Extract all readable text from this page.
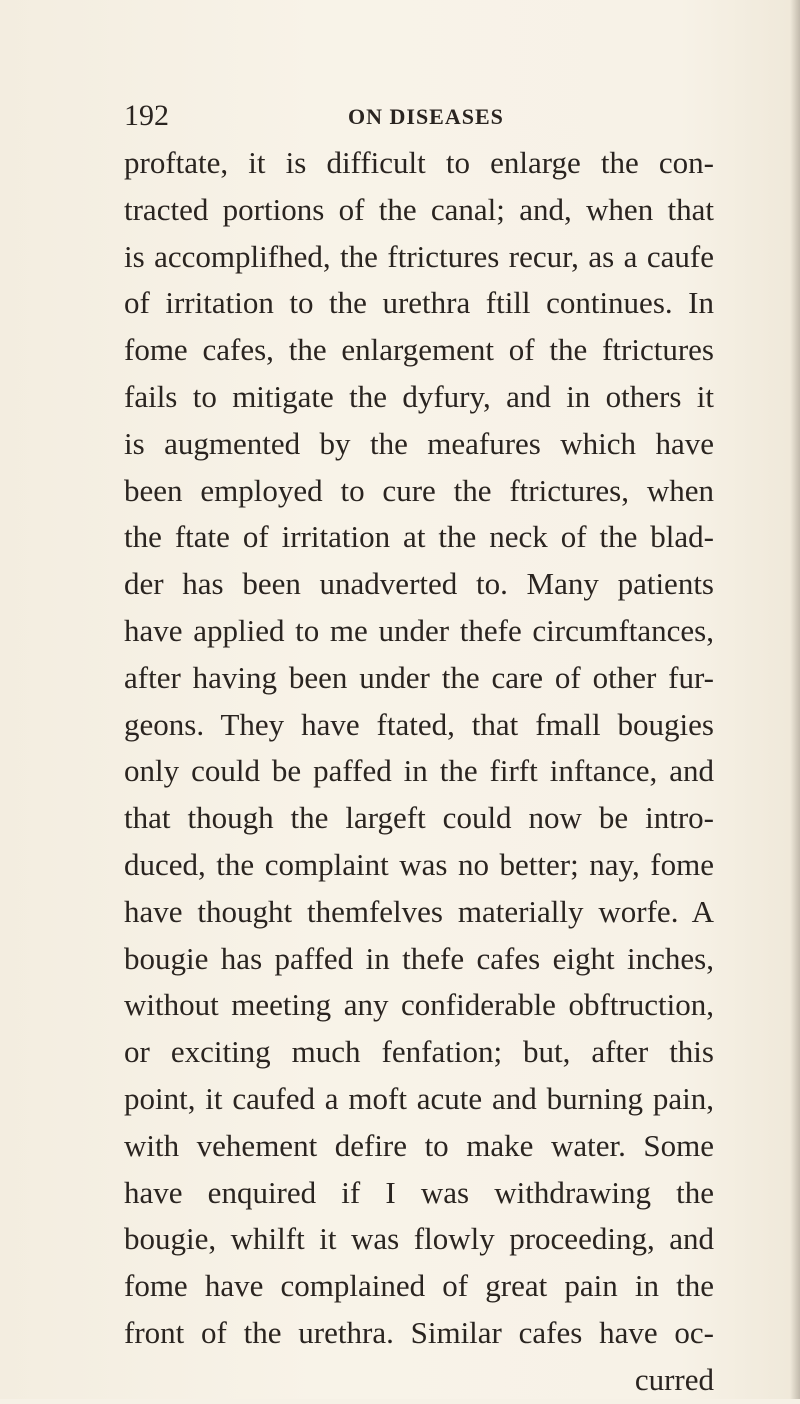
192	ON DISEASES
proftate, it is difficult to enlarge the con-
tracted portions of the canal; and, when that
is accomplifhed, the ftrictures recur, as a caufe
of irritation to the urethra ftill continues. In
fome cafes, the enlargement of the ftrictures
fails to mitigate the dyfury, and in others it
is augmented by the meafures which have
been employed to cure the ftrictures, when
the ftate of irritation at the neck of the blad-
der has been unadverted to. Many patients
have applied to me under thefe circumftances,
after having been under the care of other fur-
geons. They have ftated, that fmall bougies
only could be paffed in the firft inftance, and
that though the largeft could now be intro-
duced, the complaint was no better; nay, fome
have thought themfelves materially worfe. A
bougie has paffed in thefe cafes eight inches,
without meeting any confiderable obftruction,
or exciting much fenfation; but, after this
point, it caufed a moft acute and burning pain,
with vehement defire to make water. Some
have enquired if I was withdrawing the
bougie, whilft it was flowly proceeding, and
fome have complained of great pain in the
front of the urethra. Similar cafes have oc-
curred
